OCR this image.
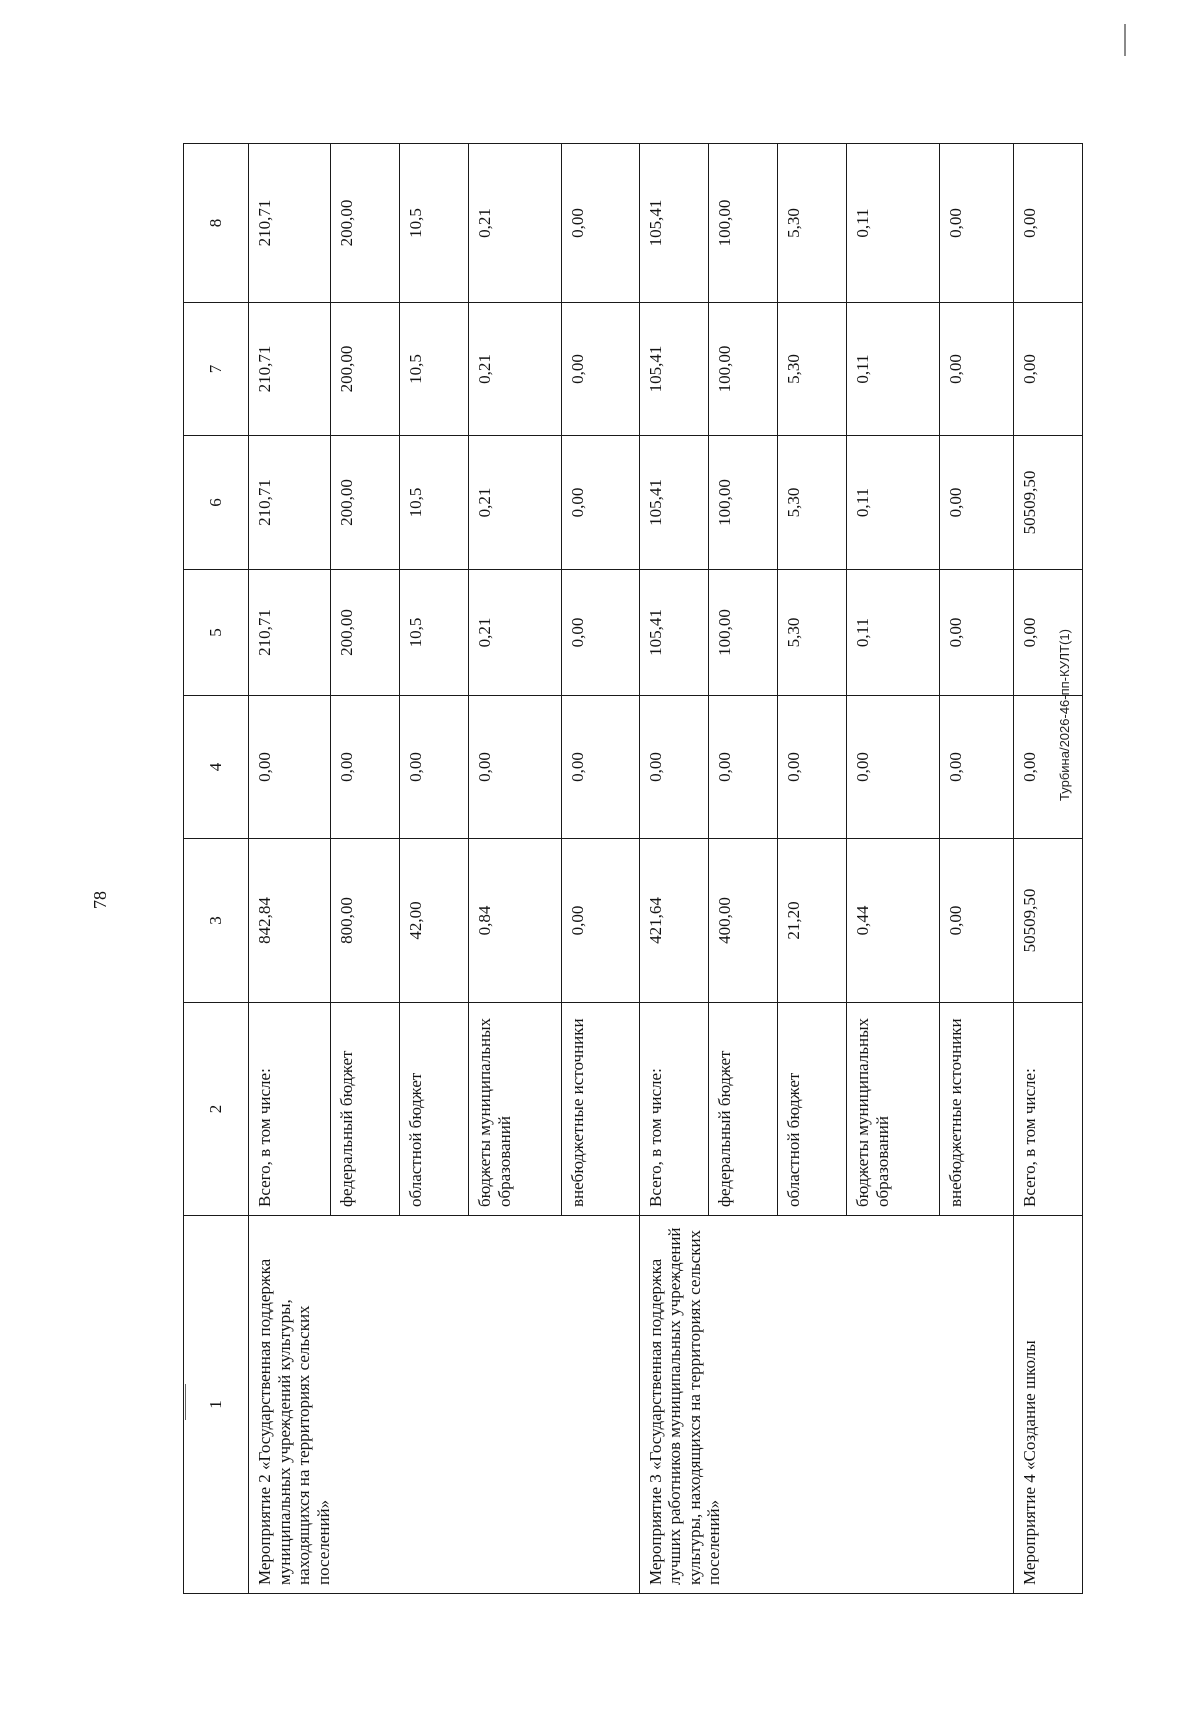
78
1	2	3	4	5	6	7	8
Мероприятие 2 «Государственная поддержка муниципальных учреждений культуры, находящихся на территориях сельских поселений»	Всего, в том числе:	842,84	0,00	210,71	210,71	210,71	210,71
	федеральный бюджет	800,00	0,00	200,00	200,00	200,00	200,00
	областной бюджет	42,00	0,00	10,5	10,5	10,5	10,5
	бюджеты муниципальных образований	0,84	0,00	0,21	0,21	0,21	0,21
	внебюджетные источники	0,00	0,00	0,00	0,00	0,00	0,00
Мероприятие 3 «Государственная поддержка лучших работников муниципальных учреждений культуры, находящихся на территориях сельских поселений»	Всего, в том числе:	421,64	0,00	105,41	105,41	105,41	105,41
	федеральный бюджет	400,00	0,00	100,00	100,00	100,00	100,00
	областной бюджет	21,20	0,00	5,30	5,30	5,30	5,30
	бюджеты муниципальных образований	0,44	0,00	0,11	0,11	0,11	0,11
	внебюджетные источники	0,00	0,00	0,00	0,00	0,00	0,00
Мероприятие 4 «Создание школы	Всего, в том числе:	50509,50	0,00	0,00	50509,50	0,00	0,00
Турбина/2026-46-пп-КУЛТ(1)
